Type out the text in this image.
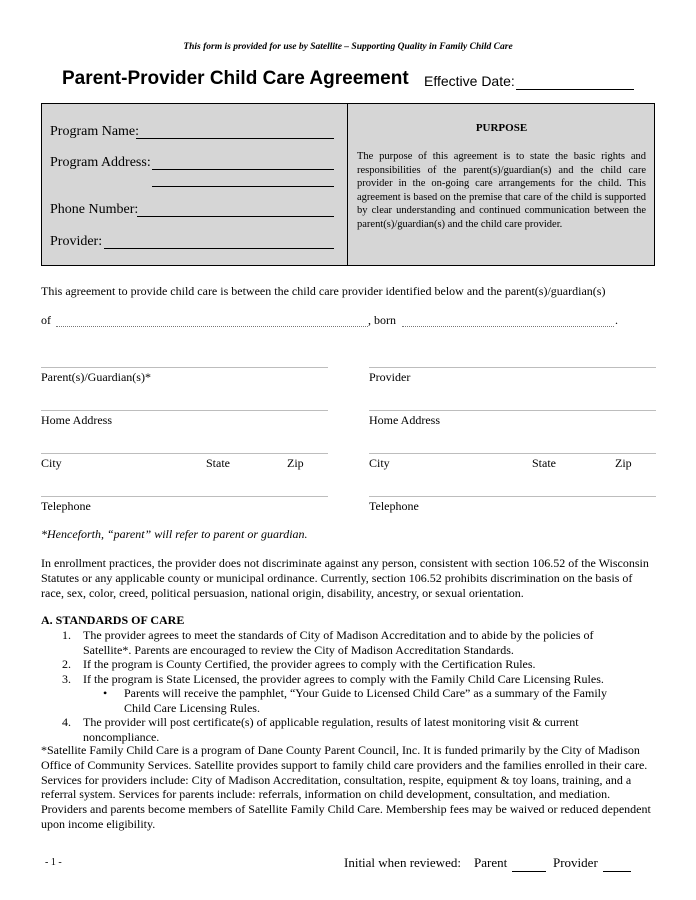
This form is provided for use by Satellite – Supporting Quality in Family Child Care
Parent-Provider Child Care Agreement Effective Date:
Program Name:
Program Address:
Phone Number:
Provider:
PURPOSE
The purpose of this agreement is to state the basic rights and responsibilities of the parent(s)/guardian(s) and the child care provider in the on-going care arrangements for the child. This agreement is based on the premise that care of the child is supported by clear understanding and continued communication between the parent(s)/guardian(s) and the child care provider.
This agreement to provide child care is between the child care provider identified below and the parent(s)/guardian(s)
of	, born	.
Parent(s)/Guardian(s)*
Home Address
City	State	Zip
Telephone
Provider
Home Address
City	State	Zip
Telephone
*Henceforth, “parent” will refer to parent or guardian.
In enrollment practices, the provider does not discriminate against any person, consistent with section 106.52 of the Wisconsin Statutes or any applicable county or municipal ordinance. Currently, section 106.52 prohibits discrimination on the basis of race, sex, color, creed, political persuasion, national origin, disability, ancestry, or sexual orientation.
A. STANDARDS OF CARE
1. The provider agrees to meet the standards of City of Madison Accreditation and to abide by the policies of
Satellite*. Parents are encouraged to review the City of Madison Accreditation Standards.
2. If the program is County Certified, the provider agrees to comply with the Certification Rules.
3. If the program is State Licensed, the provider agrees to comply with the Family Child Care Licensing Rules.
• Parents will receive the pamphlet, “Your Guide to Licensed Child Care” as a summary of the Family
Child Care Licensing Rules.
4. The provider will post certificate(s) of applicable regulation, results of latest monitoring visit & current
noncompliance.
*Satellite Family Child Care is a program of Dane County Parent Council, Inc. It is funded primarily by the City of Madison Office of Community Services. Satellite provides support to family child care providers and the families enrolled in their care. Services for providers include: City of Madison Accreditation, consultation, respite, equipment & toy loans, training, and a referral system. Services for parents include: referrals, information on child development, consultation, and mediation. Providers and parents become members of Satellite Family Child Care. Membership fees may be waived or reduced dependent upon income eligibility.
- 1 -	Initial when reviewed: Parent	Provider
